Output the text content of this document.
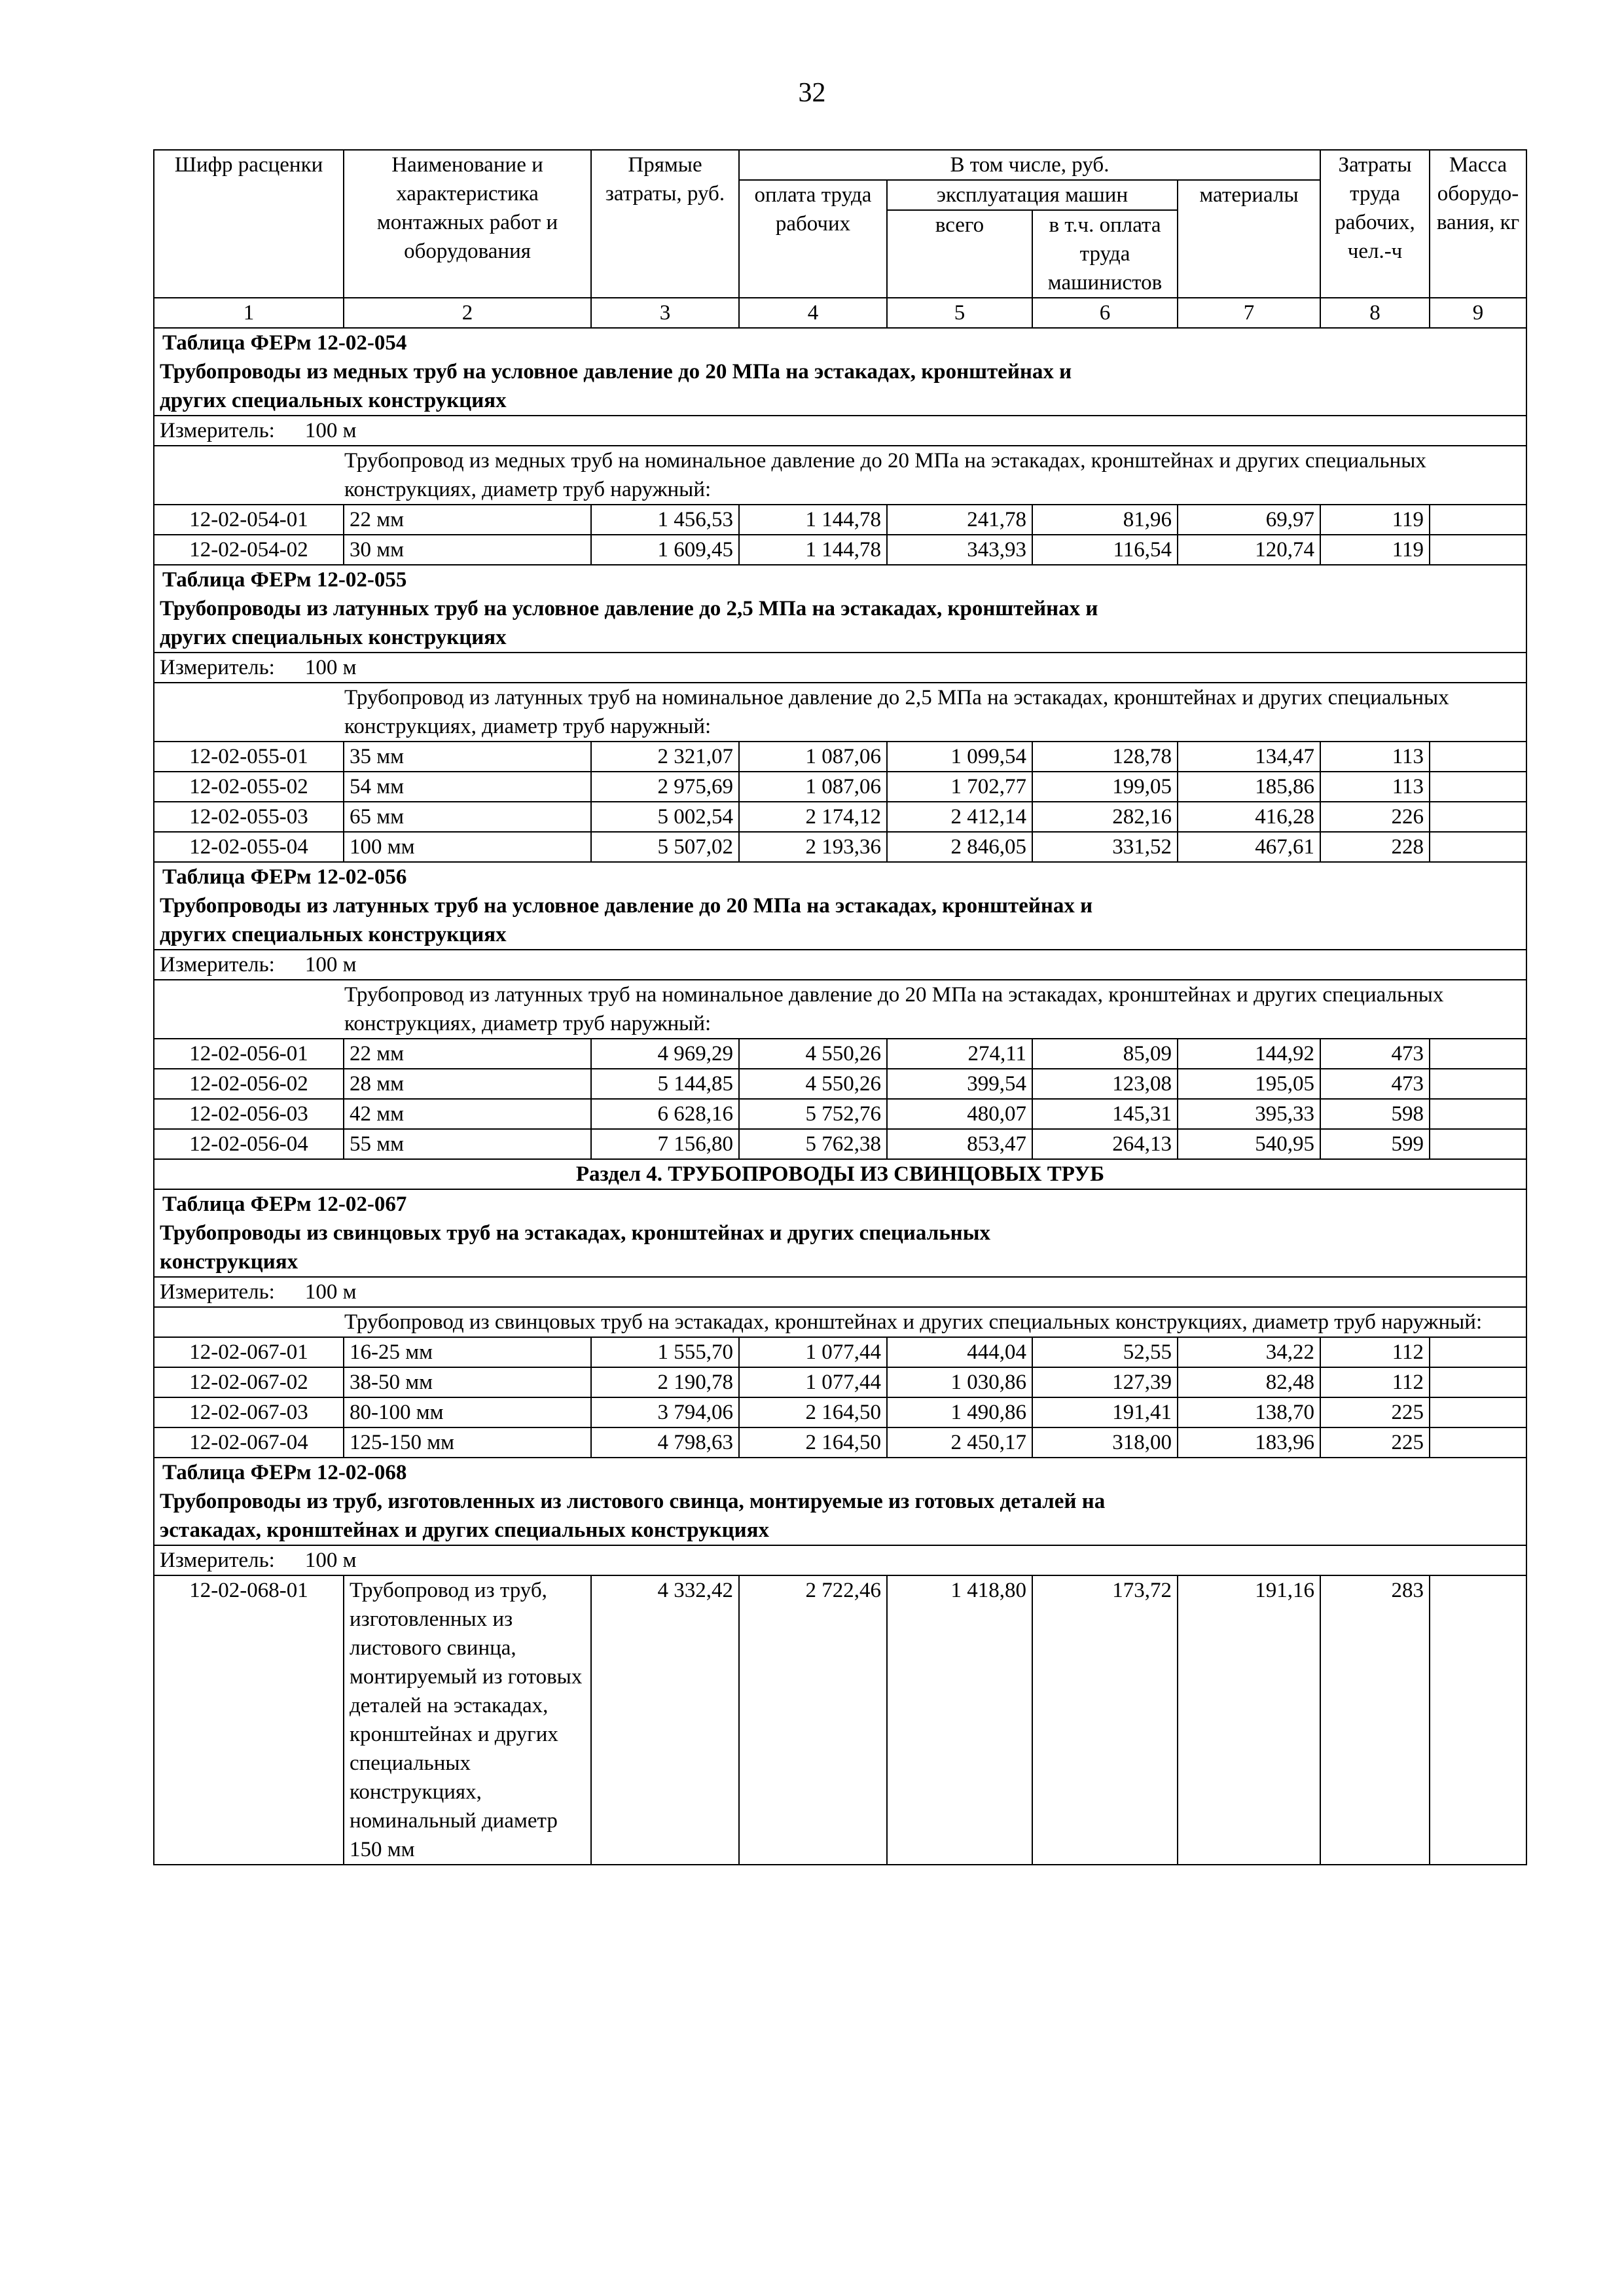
32
Шифр расценки	Наименование и характеристика монтажных работ и оборудования	Прямые затраты, руб.	В том числе, руб.				Затраты труда рабочих, чел.-ч	Масса оборудо-вания, кг
			оплата труда рабочих	эксплуатация машин		материалы		
				всего	в т.ч. оплата труда машинистов			
1	2	3	4	5	6	7	8	9
Таблица ФЕРм 12-02-054Трубопроводы из медных труб на условное давление до 20 МПа на эстакадах, кронштейнах и других специальных конструкциях								
Измеритель: 100 м								
Трубопровод из медных труб на номинальное давление до 20 МПа на эстакадах, кронштейнах и других специальных конструкциях, диаметр труб наружный:								
12-02-054-01	22 мм	1 456,53	1 144,78	241,78	81,96	69,97	119	
12-02-054-02	30 мм	1 609,45	1 144,78	343,93	116,54	120,74	119	
Таблица ФЕРм 12-02-055Трубопроводы из латунных труб на условное давление до 2,5 МПа на эстакадах, кронштейнах и других специальных конструкциях								
Измеритель: 100 м								
Трубопровод из латунных труб на номинальное давление до 2,5 МПа на эстакадах, кронштейнах и других специальных конструкциях, диаметр труб наружный:								
12-02-055-01	35 мм	2 321,07	1 087,06	1 099,54	128,78	134,47	113	
12-02-055-02	54 мм	2 975,69	1 087,06	1 702,77	199,05	185,86	113	
12-02-055-03	65 мм	5 002,54	2 174,12	2 412,14	282,16	416,28	226	
12-02-055-04	100 мм	5 507,02	2 193,36	2 846,05	331,52	467,61	228	
Таблица ФЕРм 12-02-056Трубопроводы из латунных труб на условное давление до 20 МПа на эстакадах, кронштейнах и других специальных конструкциях								
Измеритель: 100 м								
Трубопровод из латунных труб на номинальное давление до 20 МПа на эстакадах, кронштейнах и других специальных конструкциях, диаметр труб наружный:								
12-02-056-01	22 мм	4 969,29	4 550,26	274,11	85,09	144,92	473	
12-02-056-02	28 мм	5 144,85	4 550,26	399,54	123,08	195,05	473	
12-02-056-03	42 мм	6 628,16	5 752,76	480,07	145,31	395,33	598	
12-02-056-04	55 мм	7 156,80	5 762,38	853,47	264,13	540,95	599	
Раздел 4. ТРУБОПРОВОДЫ ИЗ СВИНЦОВЫХ ТРУБ								
Таблица ФЕРм 12-02-067Трубопроводы из свинцовых труб на эстакадах, кронштейнах и других специальных конструкциях								
Измеритель: 100 м								
Трубопровод из свинцовых труб на эстакадах, кронштейнах и других специальных конструкциях, диаметр труб наружный:								
12-02-067-01	16-25 мм	1 555,70	1 077,44	444,04	52,55	34,22	112	
12-02-067-02	38-50 мм	2 190,78	1 077,44	1 030,86	127,39	82,48	112	
12-02-067-03	80-100 мм	3 794,06	2 164,50	1 490,86	191,41	138,70	225	
12-02-067-04	125-150 мм	4 798,63	2 164,50	2 450,17	318,00	183,96	225	
Таблица ФЕРм 12-02-068Трубопроводы из труб, изготовленных из листового свинца, монтируемые из готовых деталей на эстакадах, кронштейнах и других специальных конструкциях								
Измеритель: 100 м								
12-02-068-01	Трубопровод из труб, изготовленных из листового свинца, монтируемый из готовых деталей на эстакадах, кронштейнах и других специальных конструкциях, номинальный диаметр 150 мм	4 332,42	2 722,46	1 418,80	173,72	191,16	283	
